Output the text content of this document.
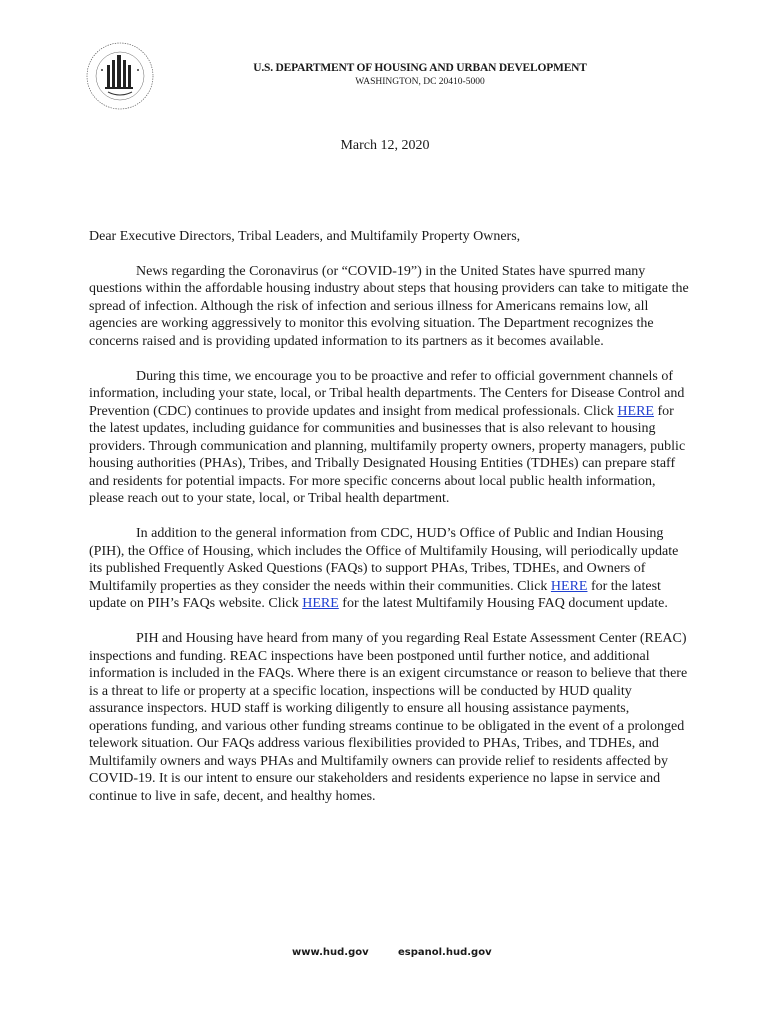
U.S. DEPARTMENT OF HOUSING AND URBAN DEVELOPMENT
WASHINGTON, DC 20410-5000
March 12, 2020

Dear Executive Directors, Tribal Leaders, and Multifamily Property Owners,

News regarding the Coronavirus (or “COVID-19”) in the United States have spurred many questions within the affordable housing industry about steps that housing providers can take to mitigate the spread of infection. Although the risk of infection and serious illness for Americans remains low, all agencies are working aggressively to monitor this evolving situation. The Department recognizes the concerns raised and is providing updated information to its partners as it becomes available.

During this time, we encourage you to be proactive and refer to official government channels of information, including your state, local, or Tribal health departments. The Centers for Disease Control and Prevention (CDC) continues to provide updates and insight from medical professionals. Click HERE for the latest updates, including guidance for communities and businesses that is also relevant to housing providers. Through communication and planning, multifamily property owners, property managers, public housing authorities (PHAs), Tribes, and Tribally Designated Housing Entities (TDHEs) can prepare staff and residents for potential impacts. For more specific concerns about local public health information, please reach out to your state, local, or Tribal health department.

In addition to the general information from CDC, HUD’s Office of Public and Indian Housing (PIH), the Office of Housing, which includes the Office of Multifamily Housing, will periodically update its published Frequently Asked Questions (FAQs) to support PHAs, Tribes, TDHEs, and Owners of Multifamily properties as they consider the needs within their communities. Click HERE for the latest update on PIH’s FAQs website. Click HERE for the latest Multifamily Housing FAQ document update.

PIH and Housing have heard from many of you regarding Real Estate Assessment Center (REAC) inspections and funding. REAC inspections have been postponed until further notice, and additional information is included in the FAQs. Where there is an exigent circumstance or reason to believe that there is a threat to life or property at a specific location, inspections will be conducted by HUD quality assurance inspectors. HUD staff is working diligently to ensure all housing assistance payments, operations funding, and various other funding streams continue to be obligated in the event of a prolonged telework situation. Our FAQs address various flexibilities provided to PHAs, Tribes, and TDHEs, and Multifamily owners and ways PHAs and Multifamily owners can provide relief to residents affected by COVID-19. It is our intent to ensure our stakeholders and residents experience no lapse in service and continue to live in safe, decent, and healthy homes.

www.hud.gov	espanol.hud.gov
